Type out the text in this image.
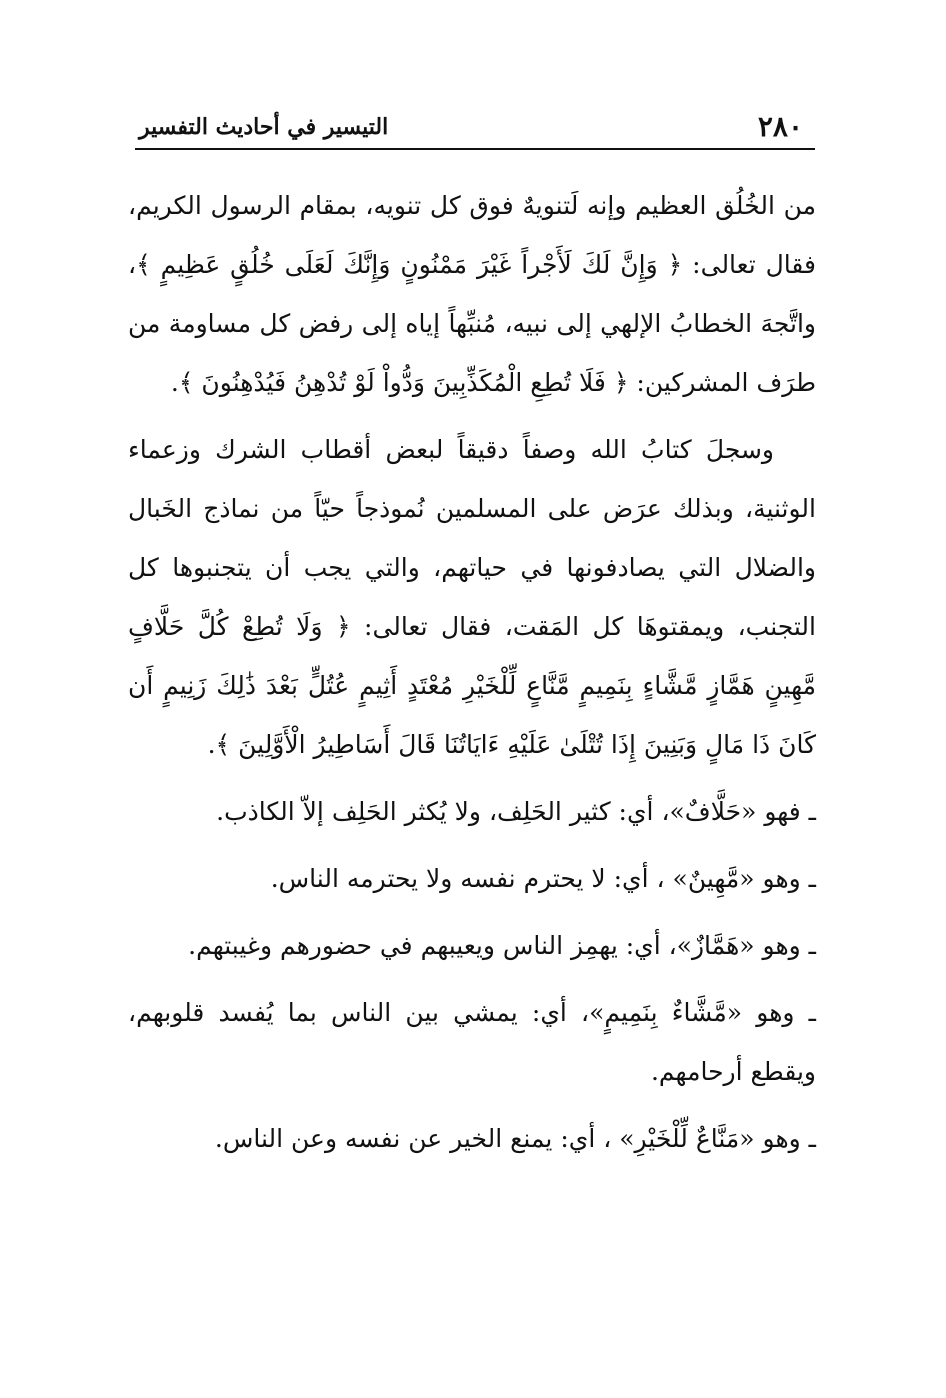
٢٨٠
التيسير في أحاديث التفسير

من الخُلُق العظيم وإنه لَتنويهٌ فوق كل تنويه، بمقام الرسول الكريم، فقال تعالى: ﴿ وَإِنَّ لَكَ لَأَجْراً غَيْرَ مَمْنُونٍ وَإِنَّكَ لَعَلَى خُلُقٍ عَظِيمٍ ﴾، واتَّجهَ الخطابُ الإلهي إلى نبيه، مُنبِّهاً إياه إلى رفض كل مساومة من طرَف المشركين: ﴿ فَلَا تُطِعِ الْمُكَذِّبِينَ وَدُّواْ لَوْ تُدْهِنُ فَيُدْهِنُونَ ﴾.

وسجلَ كتابُ الله وصفاً دقيقاً لبعض أقطاب الشرك وزعماء الوثنية، وبذلك عرَض على المسلمين نُموذجاً حيّاً من نماذج الخَبال والضلال التي يصادفونها في حياتهم، والتي يجب أن يتجنبوها كل التجنب، ويمقتوهَا كل المَقت، فقال تعالى: ﴿ وَلَا تُطِعْ كُلَّ حَلَّافٍ مَّهِينٍ هَمَّازٍ مَّشَّاءٍ بِنَمِيمٍ مَّنَّاعٍ لِّلْخَيْرِ مُعْتَدٍ أَثِيمٍ عُتُلٍّ بَعْدَ ذَٰلِكَ زَنِيمٍ أَن كَانَ ذَا مَالٍ وَبَنِينَ إِذَا تُتْلَىٰ عَلَيْهِ ءَايَاتُنَا قَالَ أَسَاطِيرُ الْأَوَّلِينَ ﴾.

ـ فهو «حَلَّافٌ»، أي: كثير الحَلِف، ولا يُكثر الحَلِف إلاّ الكاذب.

ـ وهو «مَّهِينٌ» ، أي: لا يحترم نفسه ولا يحترمه الناس.

ـ وهو «هَمَّازٌ»، أي: يهمِز الناس ويعيبهم في حضورهم وغيبتهم.

ـ وهو «مَّشَّاءٌ بِنَمِيمٍ»، أي: يمشي بين الناس بما يُفسد قلوبهم، ويقطع أرحامهم.

ـ وهو «مَنَّاعٌ لِّلْخَيْرِ» ، أي: يمنع الخير عن نفسه وعن الناس.
